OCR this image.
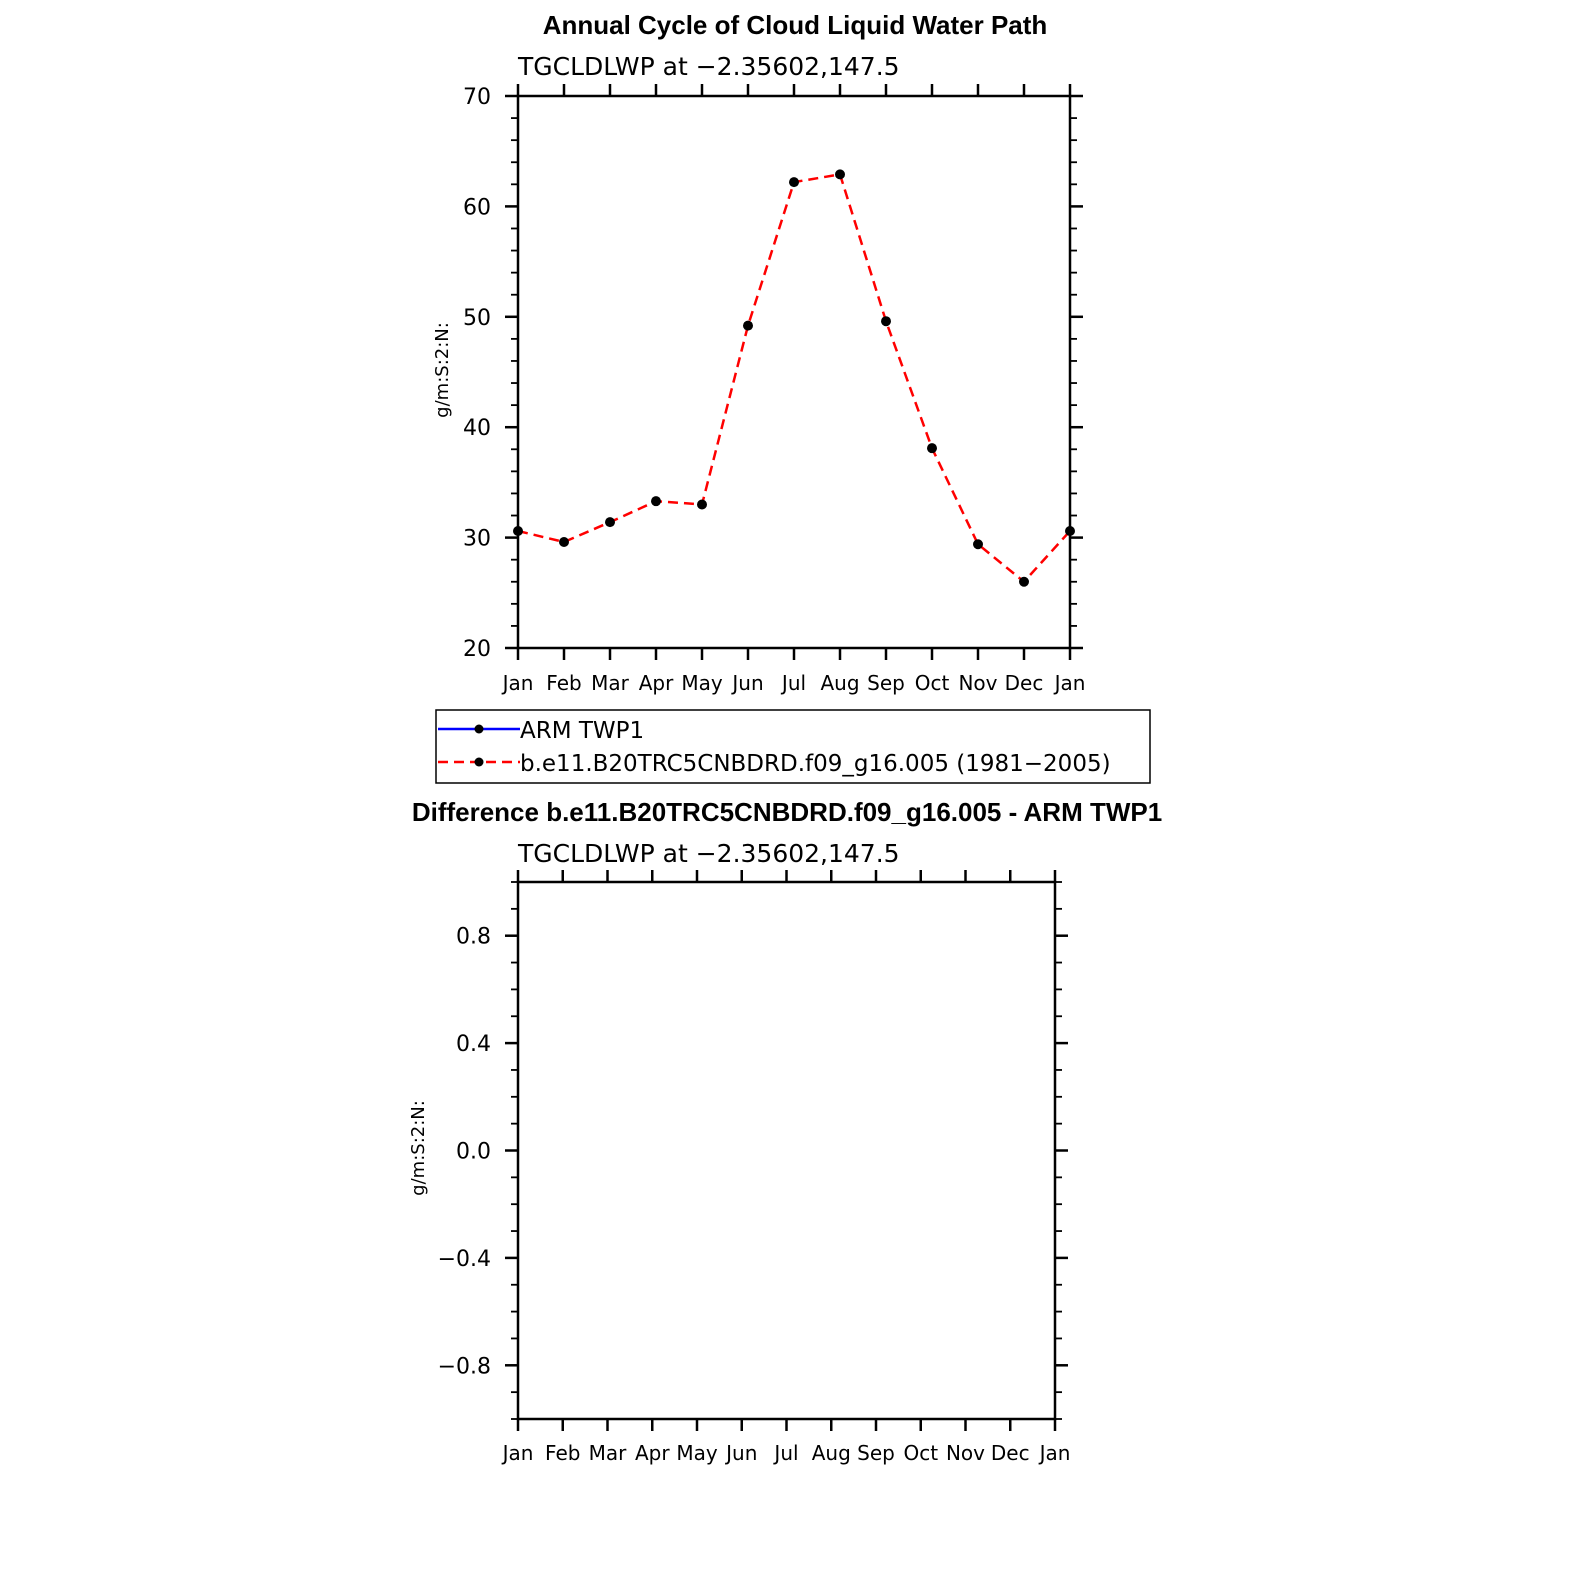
Annual Cycle of Cloud Liquid Water Path
TGCLDLWP at −2.35602,147.5
g/m:S:2:N:
Jan Feb Mar Apr May Jun Jul Aug Sep Oct Nov Dec Jan
70
60
50
40
30
20
ARM TWP1
b.e11.B20TRC5CNBDRD.f09_g16.005 (1981−2005)
Difference b.e11.B20TRC5CNBDRD.f09_g16.005 - ARM TWP1
TGCLDLWP at −2.35602,147.5
g/m:S:2:N:
Jan Feb Mar Apr May Jun Jul Aug Sep Oct Nov Dec Jan
0.8
0.4
0.0
−0.4
−0.8
